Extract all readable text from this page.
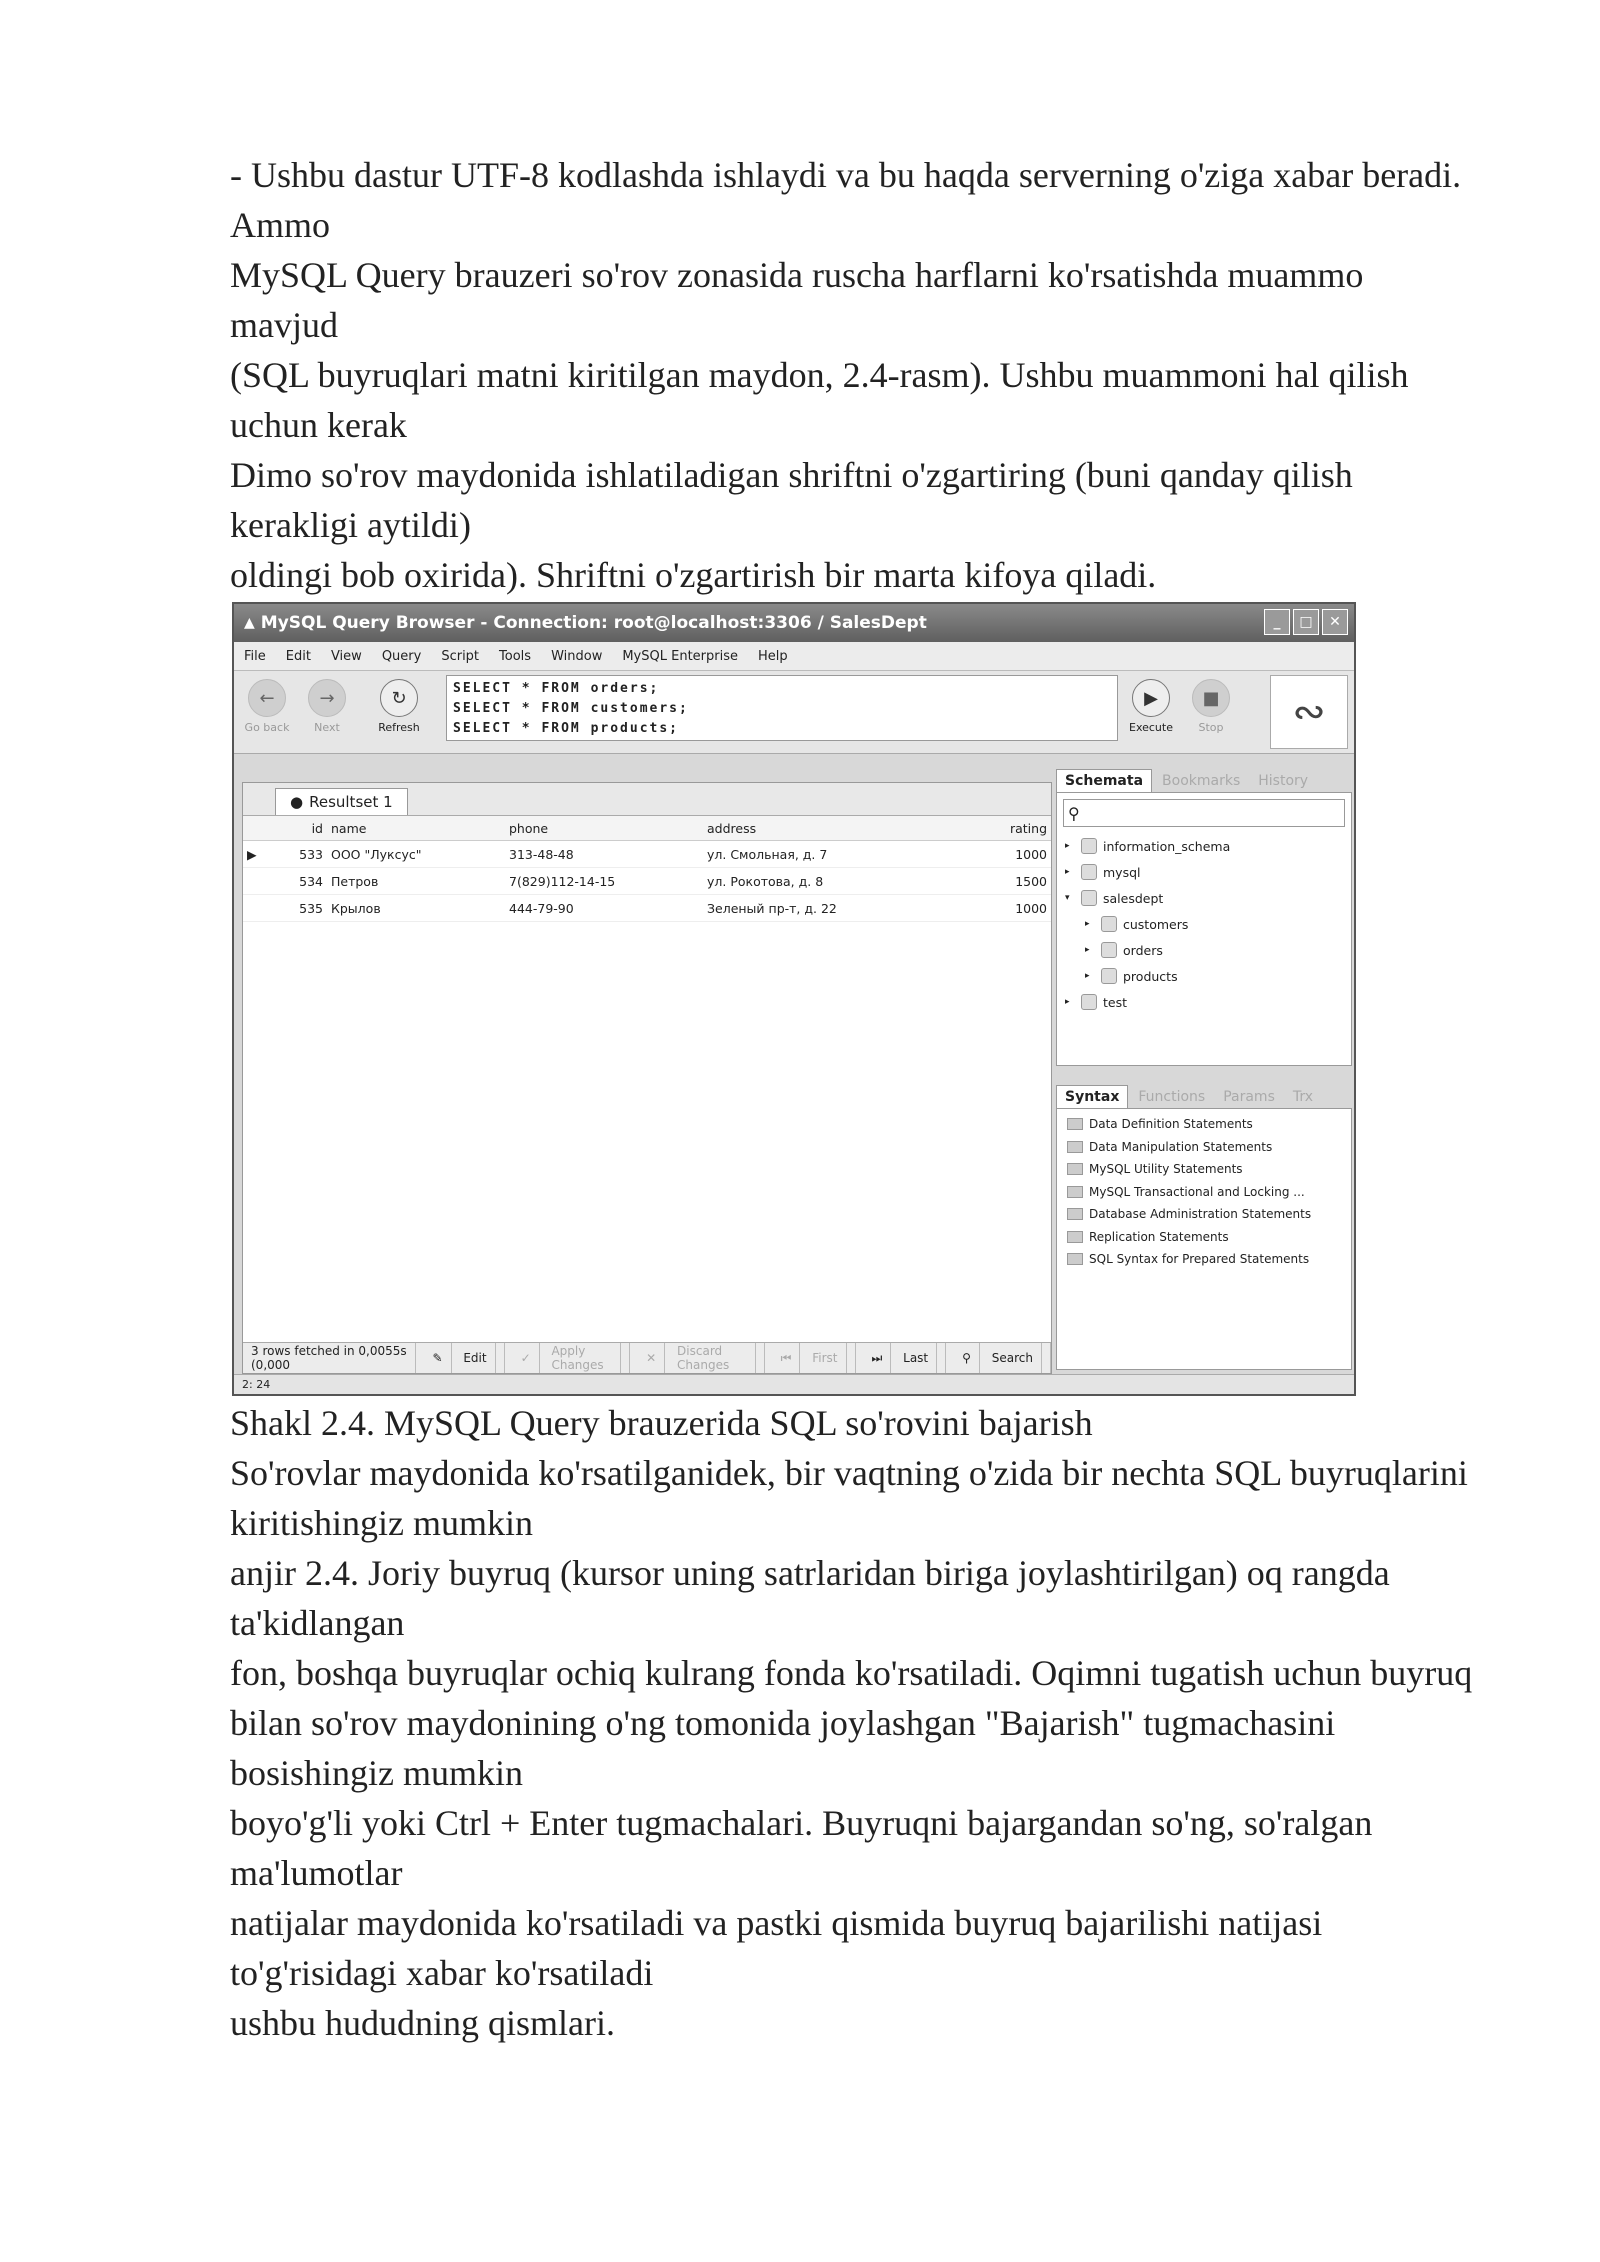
- Ushbu dastur UTF-8 kodlashda ishlaydi va bu haqda serverning o'ziga xabar beradi. Ammo

MySQL Query brauzeri so'rov zonasida ruscha harflarni ko'rsatishda muammo mavjud

(SQL buyruqlari matni kiritilgan maydon, 2.4-rasm). Ushbu muammoni hal qilish uchun kerak

Dimo so'rov maydonida ishlatiladigan shriftni o'zgartiring (buni qanday qilish kerakligi aytildi)

oldingi bob oxirida). Shriftni o'zgartirish bir marta kifoya qiladi.

▲ MySQL Query Browser - Connection: root@localhost:3306 / SalesDept	_	□	✕
File Edit View Query Script Tools Window MySQL Enterprise Help
←
Go back
→
Next
↻
Refresh
SELECT * FROM orders;
SELECT * FROM customers;
SELECT * FROM products;
▶
Execute
■
Stop	∾
● Resultset 1
	id	name	phone	address	rating
▶	533	ООО "Луксус"	313-48-48	ул. Смольная, д. 7	1000
	534	Петров	7(829)112-14-15	ул. Рокотова, д. 8	1500
	535	Крылов	444-79-90	Зеленый пр-т, д. 22	1000
3 rows fetched in 0,0055s (0,000	✎
	Edit	✓
	Apply Changes	✕
	Discard Changes
⏮
	First	⏭
	Last	⚲
	Search
Schemata	Bookmarks	History
⚲
▸	information_schema
▸	mysql
▾	salesdept
▸	customers
▸	orders
▸	products
▸	test
Syntax	Functions	Params	Trx
Data Definition Statements
Data Manipulation Statements
MySQL Utility Statements
MySQL Transactional and Locking ...
Database Administration Statements
Replication Statements
SQL Syntax for Prepared Statements
2: 24

Shakl 2.4. MySQL Query brauzerida SQL so'rovini bajarish

So'rovlar maydonida ko'rsatilganidek, bir vaqtning o'zida bir nechta SQL buyruqlarini kiritishingiz mumkin

anjir 2.4. Joriy buyruq (kursor uning satrlaridan biriga joylashtirilgan) oq rangda ta'kidlangan

fon, boshqa buyruqlar ochiq kulrang fonda ko'rsatiladi. Oqimni tugatish uchun buyruq bilan so'rov maydonining o'ng tomonida joylashgan "Bajarish" tugmachasini bosishingiz mumkin

boyo'g'li yoki Ctrl + Enter tugmachalari. Buyruqni bajargandan so'ng, so'ralgan ma'lumotlar

natijalar maydonida ko'rsatiladi va pastki qismida buyruq bajarilishi natijasi to'g'risidagi xabar ko'rsatiladi

ushbu hududning qismlari.
